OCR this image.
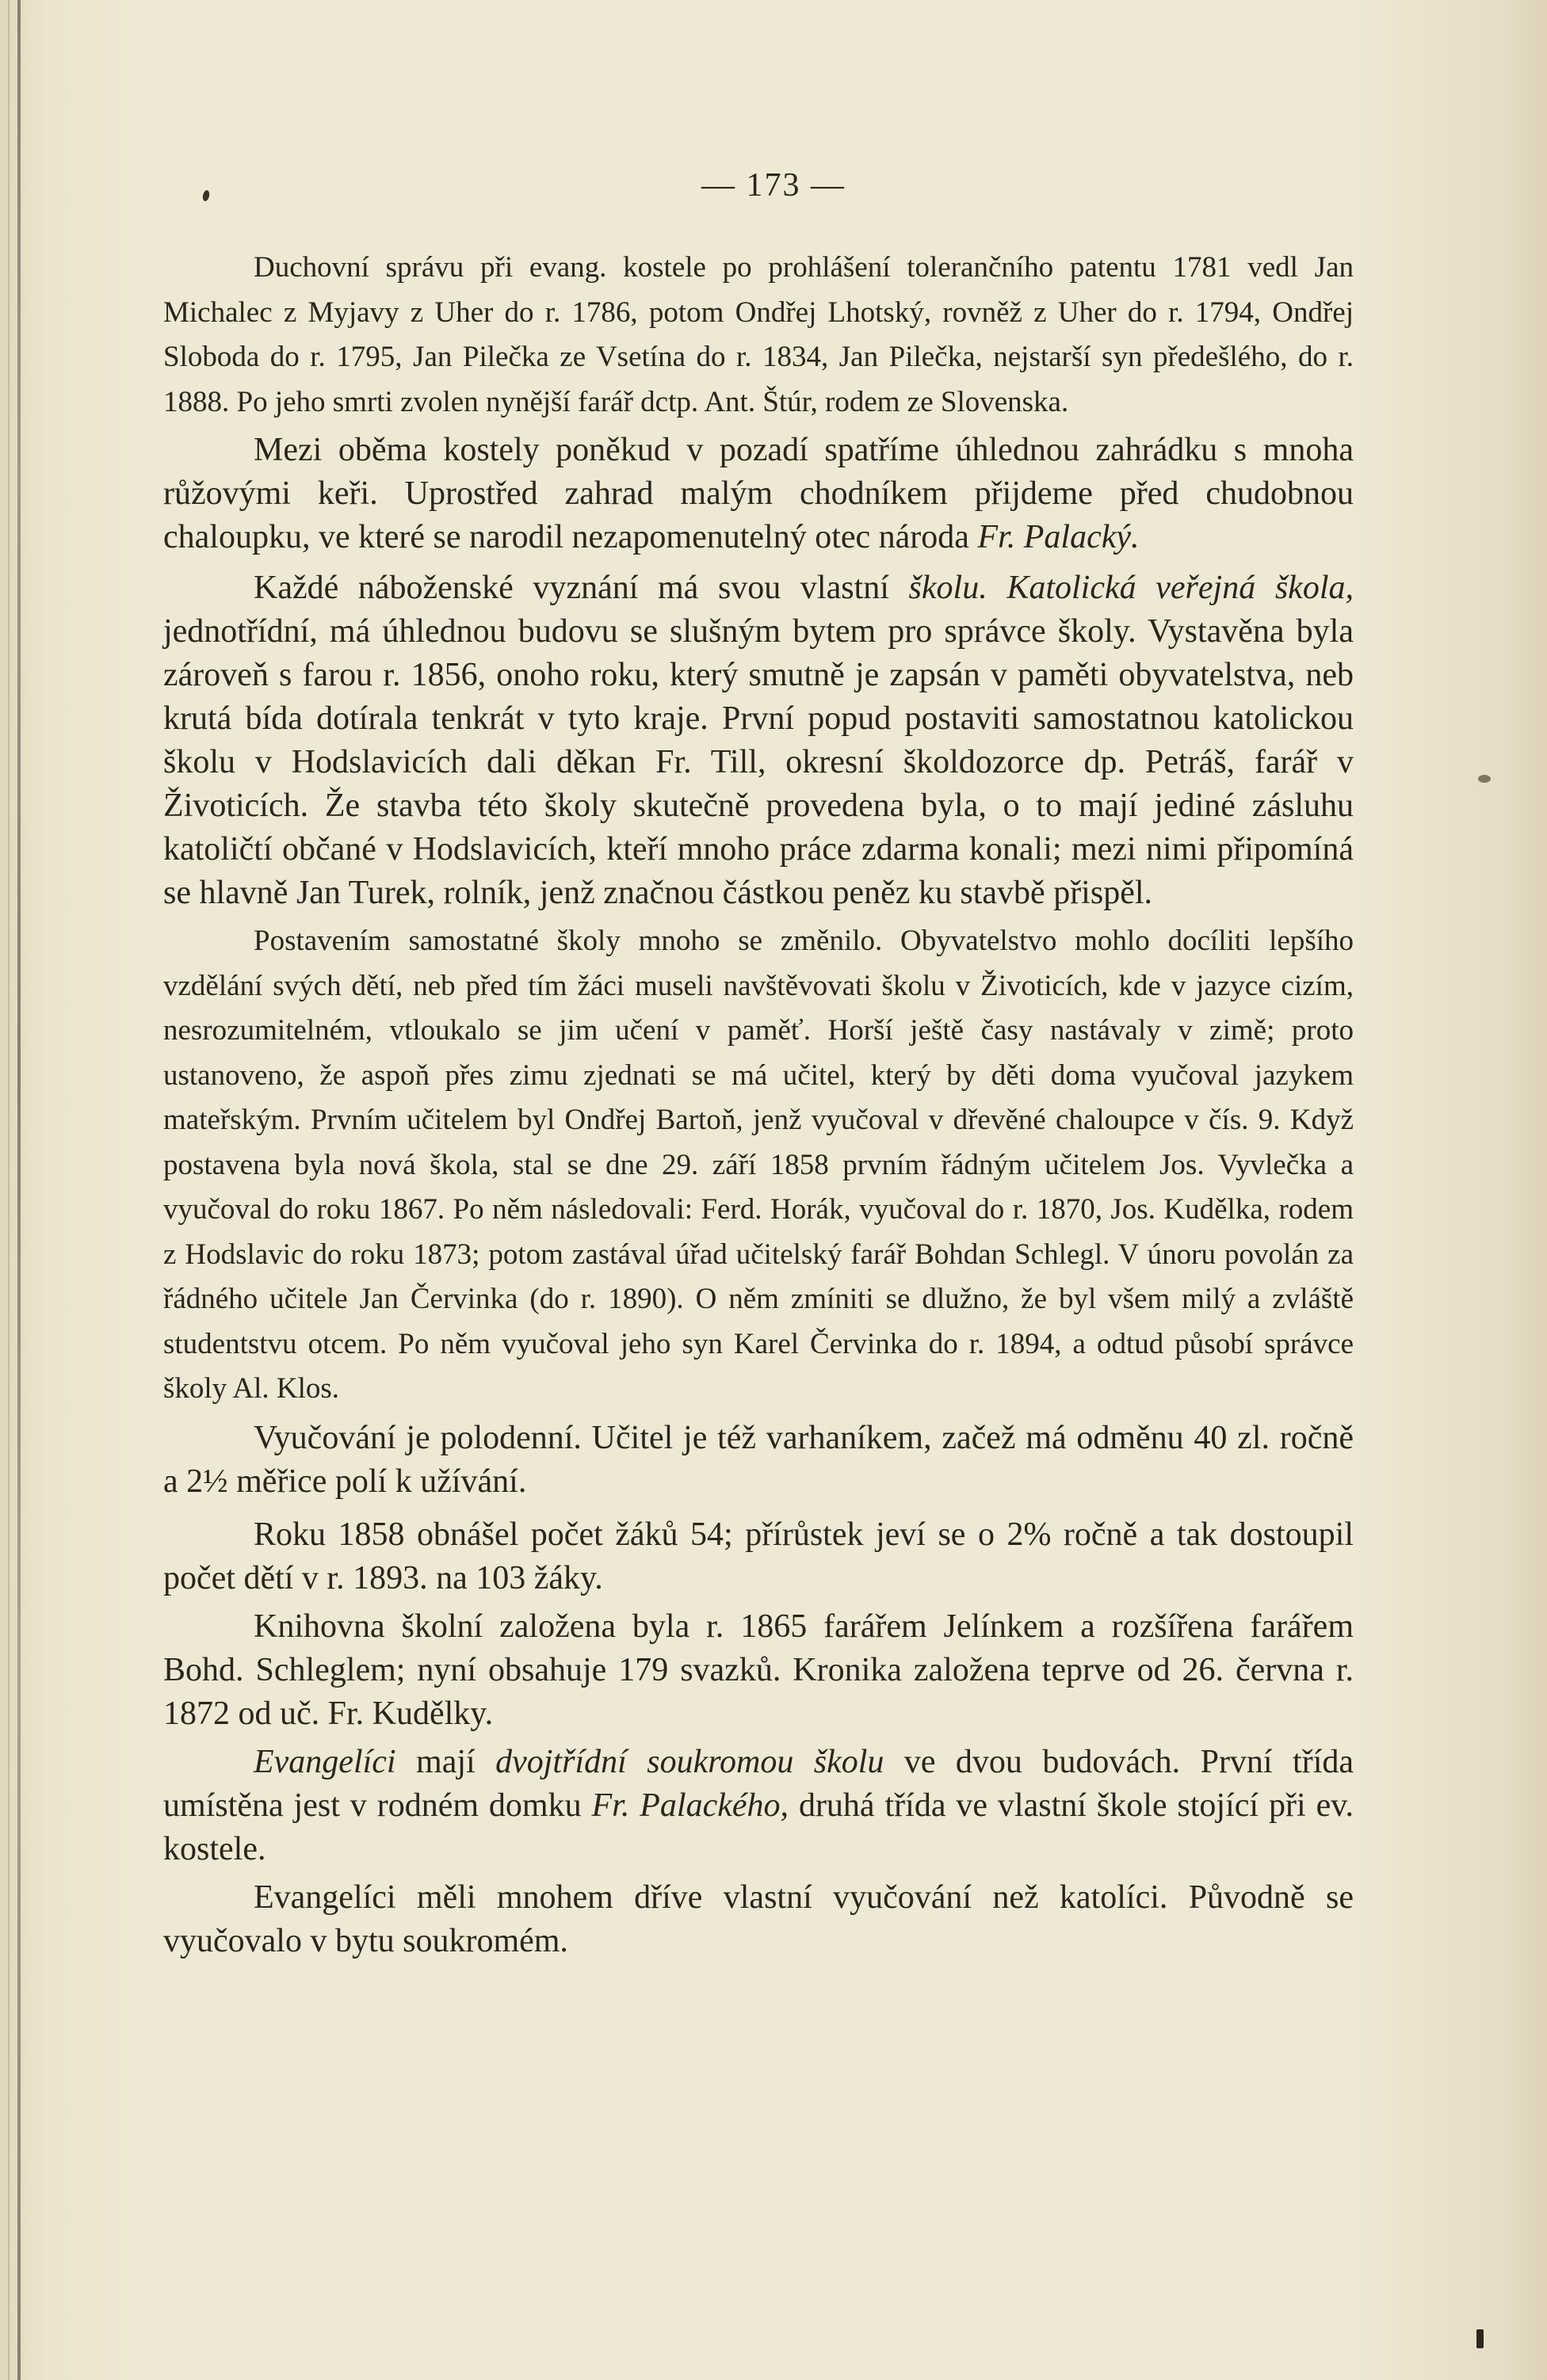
— 173 —

Duchovní správu při evang. kostele po prohlášení tolerančního patentu 1781 vedl Jan Michalec z Myjavy z Uher do r. 1786, potom Ondřej Lhotský, rovněž z Uher do r. 1794, Ondřej Sloboda do r. 1795, Jan Pilečka ze Vsetína do r. 1834, Jan Pilečka, nejstarší syn předešlého, do r. 1888. Po jeho smrti zvolen nynější farář dctp. Ant. Štúr, rodem ze Slovenska.

Mezi oběma kostely poněkud v pozadí spatříme úhlednou zahrádku s mnoha růžovými keři. Uprostřed zahrad malým chodníkem přijdeme před chudobnou chaloupku, ve které se narodil nezapomenutelný otec národa Fr. Palacký.

Každé náboženské vyznání má svou vlastní školu. Katolická veřejná škola, jednotřídní, má úhlednou budovu se slušným bytem pro správce školy. Vystavěna byla zároveň s farou r. 1856, onoho roku, který smutně je zapsán v paměti obyvatelstva, neb krutá bída dotírala tenkrát v tyto kraje. První popud postaviti samostatnou katolickou školu v Hodslavicích dali děkan Fr. Till, okresní školdozorce dp. Petráš, farář v Životicích. Že stavba této školy skutečně provedena byla, o to mají jediné zásluhu katoličtí občané v Hodslavicích, kteří mnoho práce zdarma konali; mezi nimi připomíná se hlavně Jan Turek, rolník, jenž značnou částkou peněz ku stavbě přispěl.

Postavením samostatné školy mnoho se změnilo. Obyvatelstvo mohlo docíliti lepšího vzdělání svých dětí, neb před tím žáci museli navštěvovati školu v Životicích, kde v jazyce cizím, nesrozumitelném, vtloukalo se jim učení v paměť. Horší ještě časy nastávaly v zimě; proto ustanoveno, že aspoň přes zimu zjednati se má učitel, který by děti doma vyučoval jazykem mateřským. Prvním učitelem byl Ondřej Bartoň, jenž vyučoval v dřevěné chaloupce v čís. 9. Když postavena byla nová škola, stal se dne 29. září 1858 prvním řádným učitelem Jos. Vyvlečka a vyučoval do roku 1867. Po něm následovali: Ferd. Horák, vyučoval do r. 1870, Jos. Kudělka, rodem z Hodslavic do roku 1873; potom zastával úřad učitelský farář Bohdan Schlegl. V únoru povolán za řádného učitele Jan Červinka (do r. 1890). O něm zmíniti se dlužno, že byl všem milý a zvláště studentstvu otcem. Po něm vyučoval jeho syn Karel Červinka do r. 1894, a odtud působí správce školy Al. Klos.

Vyučování je polodenní. Učitel je též varhaníkem, začež má odměnu 40 zl. ročně a 2½ měřice polí k užívání.

Roku 1858 obnášel počet žáků 54; přírůstek jeví se o 2% ročně a tak dostoupil počet dětí v r. 1893. na 103 žáky.

Knihovna školní založena byla r. 1865 farářem Jelínkem a rozšířena farářem Bohd. Schleglem; nyní obsahuje 179 svazků. Kronika založena teprve od 26. června r. 1872 od uč. Fr. Kudělky.

Evangelíci mají dvojtřídní soukromou školu ve dvou budovách. První třída umístěna jest v rodném domku Fr. Palackého, druhá třída ve vlastní škole stojící při ev. kostele.

Evangelíci měli mnohem dříve vlastní vyučování než katolíci. Původně se vyučovalo v bytu soukromém.
